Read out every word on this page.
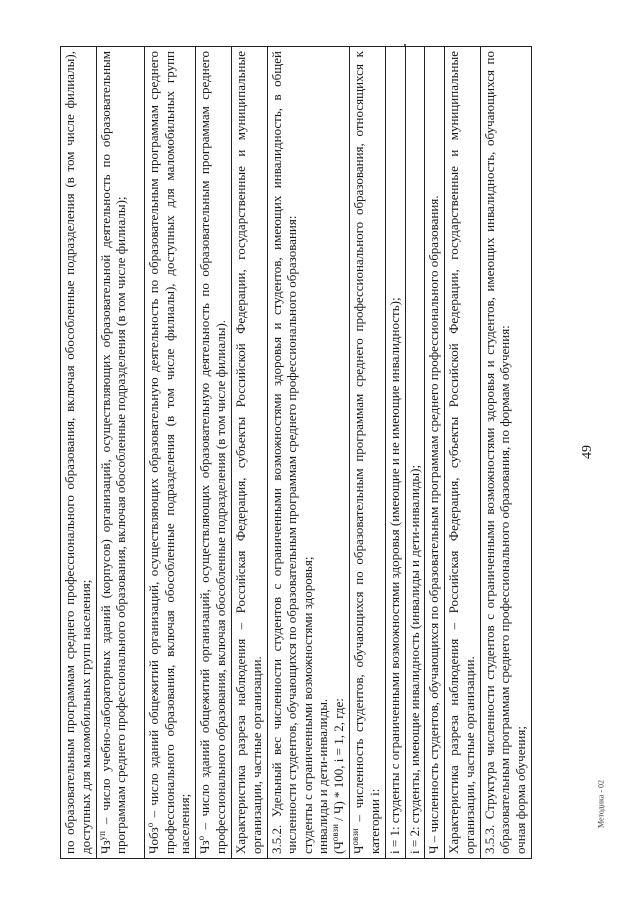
49
по образовательным программам среднего профессионального образования, включая обособленные подразделения (в том числе филиалы), доступных для маломобильных групп населения;

$Чз^{уп}$ – число учебно-лабораторных зданий (корпусов) организаций, осуществляющих образовательной деятельность по образовательным программам среднего профессионального образования, включая обособленные подразделения (в том числе филиалы);

Чобз$^о$ – число зданий общежитий организаций, осуществляющих образовательную деятельность по образовательным программам среднего профессионального образования, включая обособленные подразделения (в том числе филиалы), доступных для маломобильных групп населения;

$Чз^о$ – число зданий общежитий организаций, осуществляющих образовательную деятельность по образовательным программам среднего профессионального образования, включая обособленные подразделения (в том числе филиалы).

Характеристика разреза наблюдения – Российская Федерация, субъекты Российской Федерации, государственные и муниципальные организации, частные организации.

3.5.2. Удельный вес численности студентов с ограниченными возможностями здоровья и студентов, имеющих инвалидность, в общей численности студентов, обучающихся по образовательным программам среднего профессионального образования: студенты с ограниченными возможностями здоровья; инвалиды и дети-инвалиды. $(Ч^{овзи} / Ч) * 100$, i = 1, 2, где:

$Ч^{овзи}$ – численность студентов, обучающихся по образовательным программам среднего профессионального образования, относящихся к категории i:

i = 1: студенты с ограниченными возможностями здоровья (имеющие и не имеющие инвалидность);

i = 2: студенты, имеющие инвалидность (инвалиды и дети-инвалиды);

Ч – численность студентов, обучающихся по образовательным программам среднего профессионального образования.

Характеристика разреза наблюдения – Российская Федерация, субъекты Российской Федерации, государственные и муниципальные организации, частные организации.

3.5.3. Структура численности студентов с ограниченными возможностями здоровья и студентов, имеющих инвалидность, обучающихся по образовательным программам среднего профессионального образования, по формам обучения: очная форма обучения;	Методика - 02
